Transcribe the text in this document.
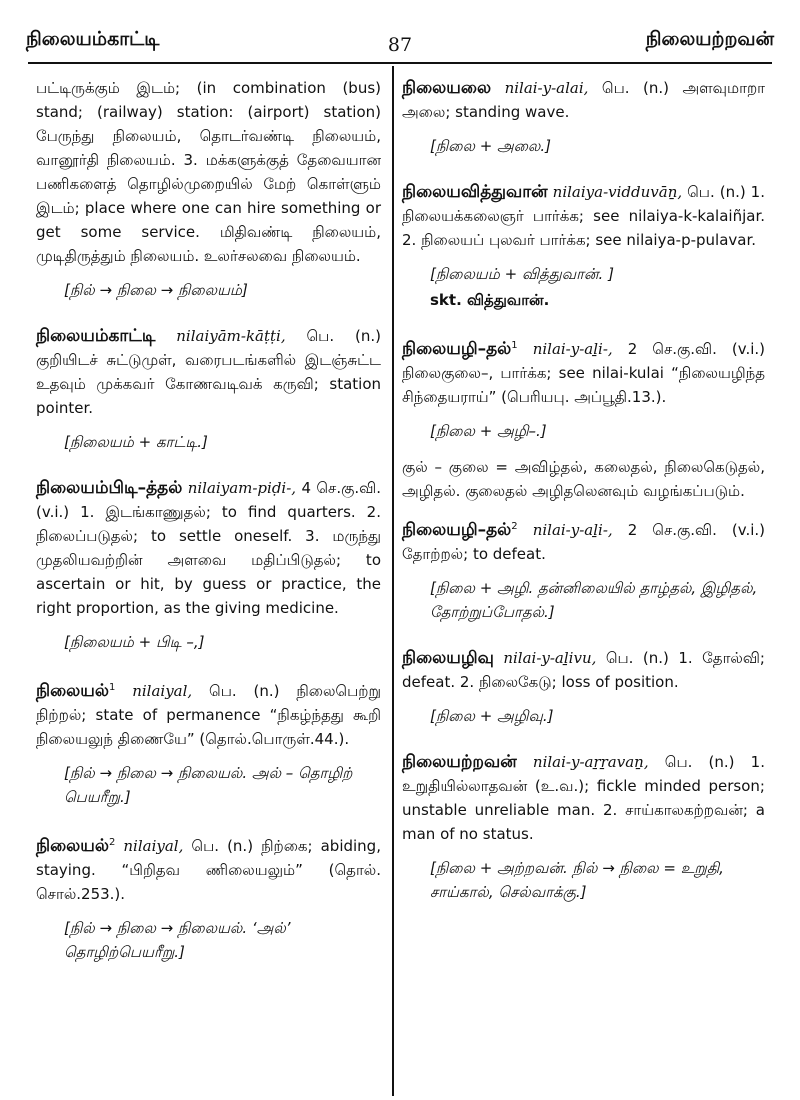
நிலையம்காட்டி	87	நிலையற்றவன்
பட்டிருக்கும் இடம்; (in combination (bus) stand; (railway) station: (airport) station) பேருந்து நிலையம், தொடர்வண்டி நிலையம், வானூர்தி நிலையம். 3. மக்களுக்குத் தேவையான பணிகளைத் தொழில்முறையில் மேற் கொள்ளும் இடம்; place where one can hire something or get some service. மிதிவண்டி நிலையம், முடிதிருத்தும் நிலையம். உலர்சலவை நிலையம்.
[நில் → நிலை → நிலையம்]
நிலையம்காட்டி nilaiyām-kāṭṭi, பெ. (n.) குறியிடச் சுட்டுமுள், வரைபடங்களில் இடஞ்சுட்ட உதவும் முக்கவர் கோணவடிவக் கருவி; station pointer.
[நிலையம் + காட்டி.]
நிலையம்பிடி–த்தல் nilaiyam-piḍi-, 4 செ.கு.வி. (v.i.) 1. இடங்காணுதல்; to find quarters. 2. நிலைப்படுதல்; to settle oneself. 3. மருந்து முதலியவற்றின் அளவை மதிப்பிடுதல்; to ascertain or hit, by guess or practice, the right proportion, as the giving medicine.
[நிலையம் + பிடி –,]
நிலையல்$^1$ nilaiyal, பெ. (n.) நிலைபெற்று நிற்றல்; state of permanence “நிகழ்ந்தது கூறி நிலையலுந் திணையே” (தொல்.பொருள்.44.).
[நில் → நிலை → நிலையல். அல் – தொழிற் பெயரீறு.]
நிலையல்$^2$ nilaiyal, பெ. (n.) நிற்கை; abiding, staying. “பிறிதவ ணிலையலும்” (தொல். சொல்.253.).
[நில் → நிலை → நிலையல். ‘அல்’ தொழிற்பெயரீறு.]
நிலையலை nilai-y-alai, பெ. (n.) அளவுமாறா அலை; standing wave.
[நிலை + அலை.]
நிலையவித்துவான் nilaiya-vidduvāṉ, பெ. (n.) 1. நிலையக்கலைஞர் பார்க்க; see nilaiya-k-kalaiñjar. 2. நிலையப் புலவர் பார்க்க; see nilaiya-p-pulavar.
[நிலையம் + வித்துவான். ]
skt. வித்துவான்.
நிலையழி–தல்$^1$ nilai-y-aḻi-, 2 செ.கு.வி. (v.i.) நிலைகுலை–, பார்க்க; see nilai-kulai “நிலையழிந்த சிந்தையராய்” (பெரியபு. அப்பூதி.13.).
[நிலை + அழி–.]
குல் – குலை = அவிழ்தல், கலைதல், நிலைகெடுதல், அழிதல். குலைதல் அழிதலெனவும் வழங்கப்படும்.
நிலையழி–தல்$^2$ nilai-y-aḻi-, 2 செ.கு.வி. (v.i.) தோற்றல்; to defeat.
[நிலை + அழி. தன்னிலையில் தாழ்தல், இழிதல், தோற்றுப்போதல்.]
நிலையழிவு nilai-y-aḻivu, பெ. (n.) 1. தோல்வி; defeat. 2. நிலைகேடு; loss of position.
[நிலை + அழிவு.]
நிலையற்றவன் nilai-y-aṟṟavaṉ, பெ. (n.) 1. உறுதியில்லாதவன் (உ.வ.); fickle minded person; unstable unreliable man. 2. சாய்காலகற்றவன்; a man of no status.
[நிலை + அற்றவன். நில் → நிலை = உறுதி, சாய்கால், செல்வாக்கு.]
